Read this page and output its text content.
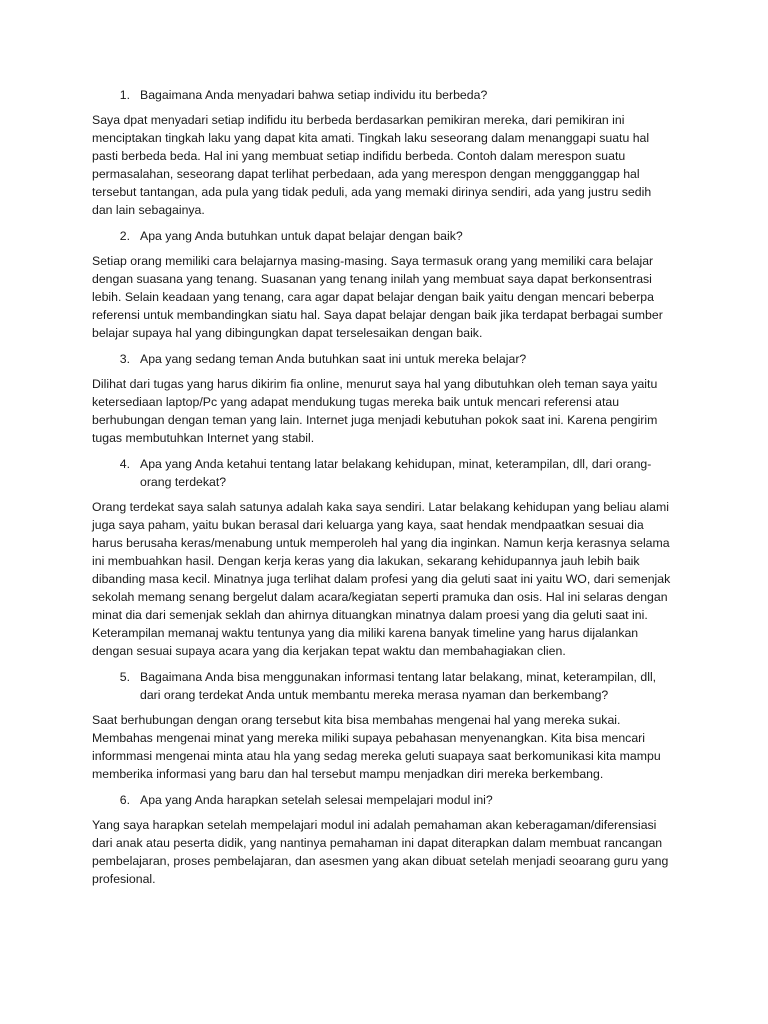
1. Bagaimana Anda menyadari bahwa setiap individu itu berbeda?

Saya dpat menyadari setiap indifidu itu berbeda berdasarkan pemikiran mereka, dari pemikiran ini menciptakan tingkah laku yang dapat kita amati. Tingkah laku seseorang dalam menanggapi suatu hal pasti berbeda beda. Hal ini yang membuat setiap indifidu berbeda. Contoh dalam merespon suatu permasalahan, seseorang dapat terlihat perbedaan, ada yang merespon dengan menggganggap hal tersebut tantangan, ada pula yang tidak peduli, ada yang memaki dirinya sendiri, ada yang justru sedih dan lain sebagainya.

2. Apa yang Anda butuhkan untuk dapat belajar dengan baik?

Setiap orang memiliki cara belajarnya masing-masing. Saya termasuk orang yang memiliki cara belajar dengan suasana yang tenang. Suasanan yang tenang inilah yang membuat saya dapat berkonsentrasi lebih. Selain keadaan yang tenang, cara agar dapat belajar dengan baik yaitu dengan mencari beberpa referensi untuk membandingkan siatu hal. Saya dapat belajar dengan baik jika terdapat berbagai sumber belajar supaya hal yang dibingungkan dapat terselesaikan dengan baik.

3. Apa yang sedang teman Anda butuhkan saat ini untuk mereka belajar?

Dilihat dari tugas yang harus dikirim fia online, menurut saya hal yang dibutuhkan oleh teman saya yaitu ketersediaan laptop/Pc yang adapat mendukung tugas mereka baik untuk mencari referensi atau berhubungan dengan teman yang lain. Internet juga menjadi kebutuhan pokok saat ini. Karena pengirim tugas membutuhkan Internet yang stabil.

4. Apa yang Anda ketahui tentang latar belakang kehidupan, minat, keterampilan, dll, dari orang-orang terdekat?

Orang terdekat saya salah satunya adalah kaka saya sendiri. Latar belakang kehidupan yang beliau alami juga saya paham, yaitu bukan berasal dari keluarga yang kaya, saat hendak mendpaatkan sesuai dia harus berusaha keras/menabung untuk memperoleh hal yang dia inginkan. Namun kerja kerasnya selama ini membuahkan hasil. Dengan kerja keras yang dia lakukan, sekarang kehidupannya jauh lebih baik dibanding masa kecil. Minatnya juga terlihat dalam profesi yang dia geluti saat ini yaitu WO, dari semenjak sekolah memang senang bergelut dalam acara/kegiatan seperti pramuka dan osis. Hal ini selaras dengan minat dia dari semenjak seklah dan ahirnya dituangkan minatnya dalam proesi yang dia geluti saat ini. Keterampilan memanaj waktu tentunya yang dia miliki karena banyak timeline yang harus dijalankan dengan sesuai supaya acara yang dia kerjakan tepat waktu dan membahagiakan clien.

5. Bagaimana Anda bisa menggunakan informasi tentang latar belakang, minat, keterampilan, dll, dari orang terdekat Anda untuk membantu mereka merasa nyaman dan berkembang?

Saat berhubungan dengan orang tersebut kita bisa membahas mengenai hal yang mereka sukai. Membahas mengenai minat yang mereka miliki supaya pebahasan menyenangkan. Kita bisa mencari informmasi mengenai minta atau hla yang sedag mereka geluti suapaya saat berkomunikasi kita mampu memberika informasi yang baru dan hal tersebut mampu menjadkan diri mereka berkembang.

6. Apa yang Anda harapkan setelah selesai mempelajari modul ini?

Yang saya harapkan setelah mempelajari modul ini adalah pemahaman akan keberagaman/diferensiasi dari anak atau peserta didik, yang nantinya pemahaman ini dapat diterapkan dalam membuat rancangan pembelajaran, proses pembelajaran, dan asesmen yang akan dibuat setelah menjadi seoarang guru yang profesional.
